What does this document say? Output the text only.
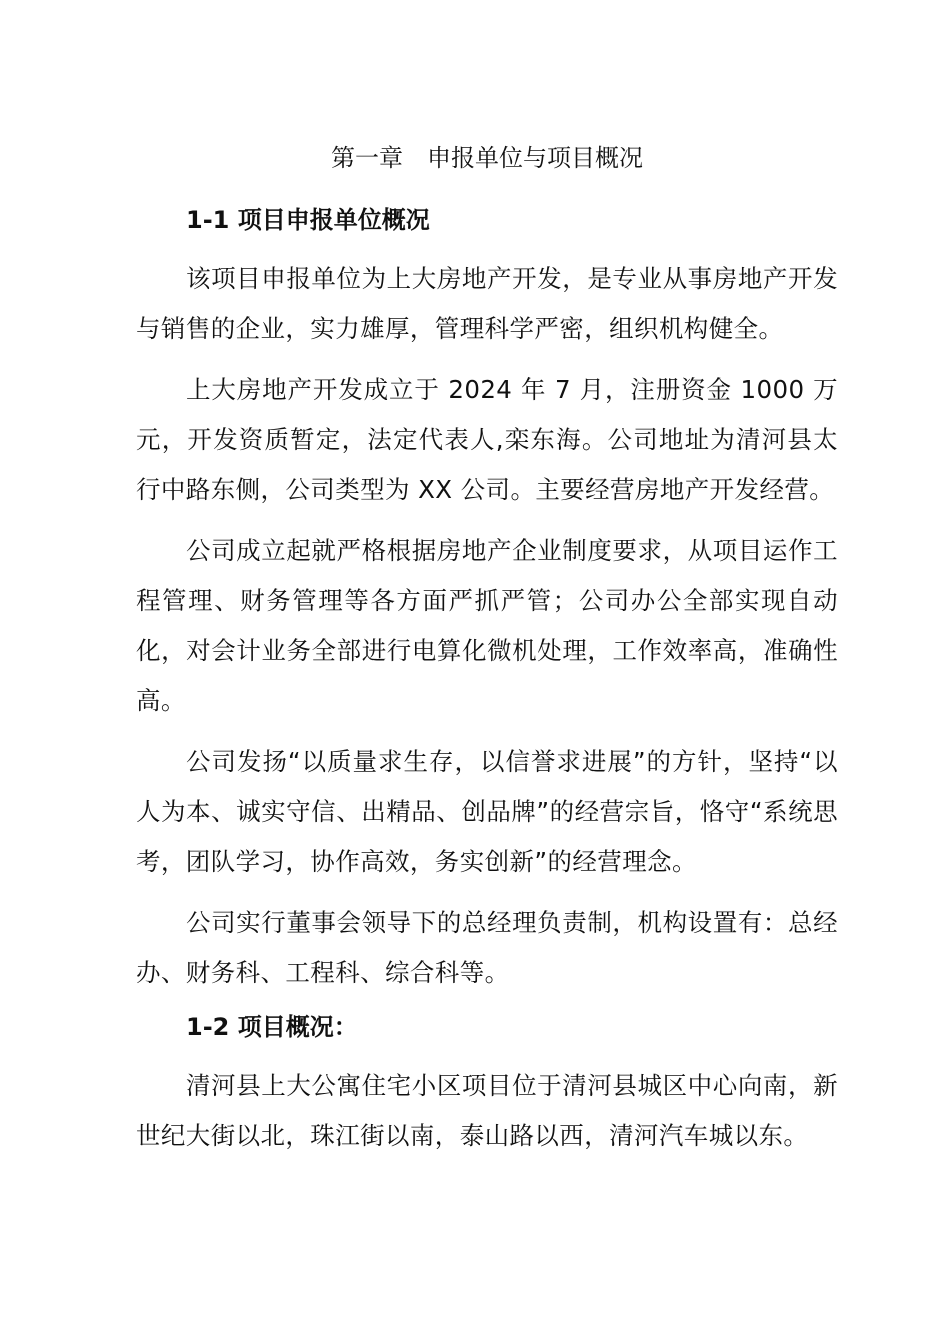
第一章　申报单位与项目概况
1-1 项目申报单位概况

该项目申报单位为上大房地产开发，是专业从事房地产开发与销售的企业，实力雄厚，管理科学严密，组织机构健全。

上大房地产开发成立于 2024 年 7 月，注册资金 1000 万元，开发资质暂定，法定代表人,栾东海。公司地址为清河县太行中路东侧，公司类型为 XX 公司。主要经营房地产开发经营。

公司成立起就严格根据房地产企业制度要求，从项目运作工程管理、财务管理等各方面严抓严管；公司办公全部实现自动化，对会计业务全部进行电算化微机处理，工作效率高，准确性高。

公司发扬“以质量求生存，以信誉求进展”的方针，坚持“以人为本、诚实守信、出精品、创品牌”的经营宗旨，恪守“系统思考，团队学习，协作高效，务实创新”的经营理念。

公司实行董事会领导下的总经理负责制，机构设置有：总经办、财务科、工程科、综合科等。

1-2 项目概况：

清河县上大公寓住宅小区项目位于清河县城区中心向南，新世纪大街以北，珠江街以南，泰山路以西，清河汽车城以东。
